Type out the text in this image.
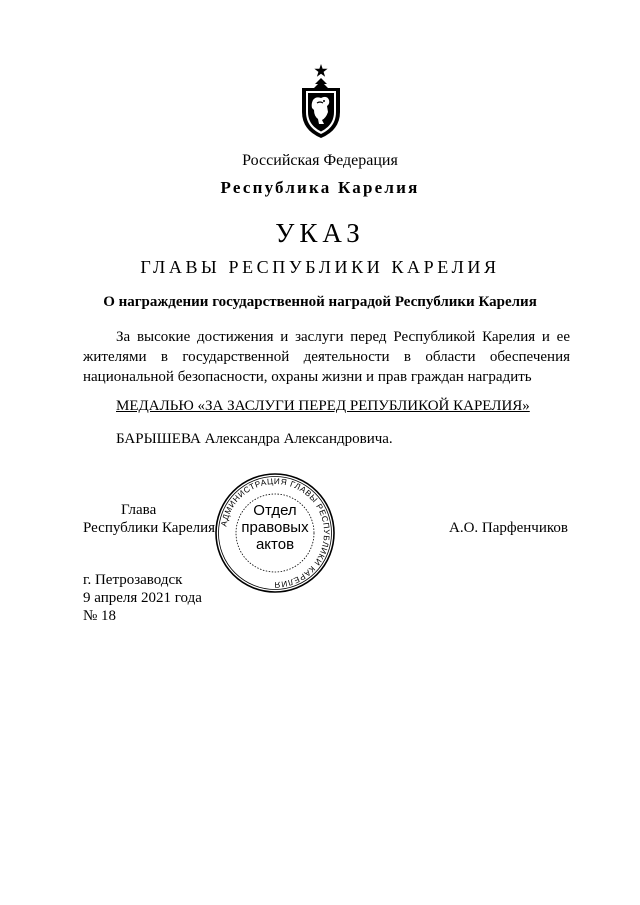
Российская Федерация
Республика Карелия
УКАЗ
ГЛАВЫ РЕСПУБЛИКИ КАРЕЛИЯ
О награждении государственной наградой Республики Карелия

За высокие достижения и заслуги перед Республикой Карелия и ее жителями в государственной деятельности в области обеспечения национальной безопасности, охраны жизни и прав граждан наградить

МЕДАЛЬЮ «ЗА ЗАСЛУГИ ПЕРЕД РЕПУБЛИКОЙ КАРЕЛИЯ»
БАРЫШЕВА Александра Александровича.
Глава
Республики Карелия	А.О. Парфенчиков
АДМИНИСТРАЦИЯ ГЛАВЫ РЕСПУБЛИКИ КАРЕЛИЯ
Отдел
правовых
актов
г. Петрозаводск
9 апреля 2021 года
№ 18
